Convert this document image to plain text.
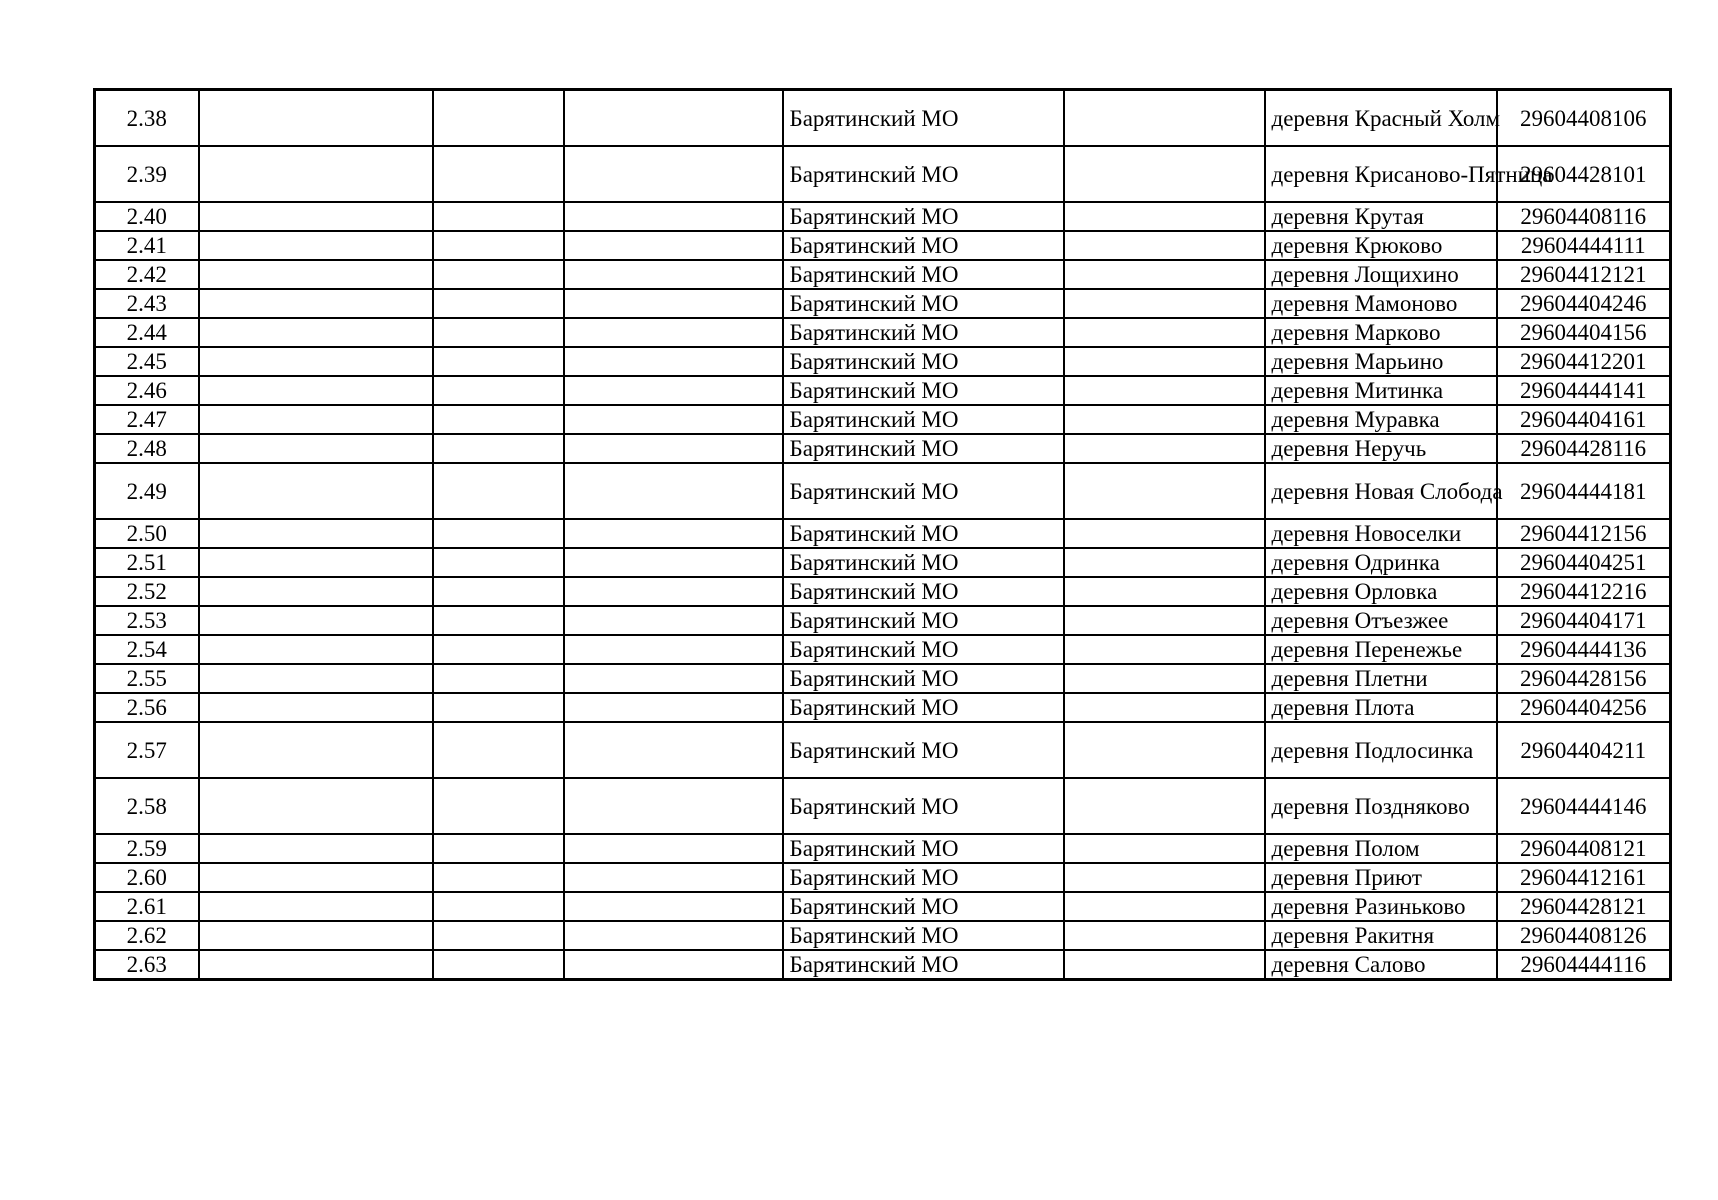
2.38				Барятинский МО		деревня Красный Холм	29604408106
2.39				Барятинский МО		деревня Крисаново-Пятница	29604428101
2.40				Барятинский МО		деревня Крутая	29604408116
2.41				Барятинский МО		деревня Крюково	29604444111
2.42				Барятинский МО		деревня Лощихино	29604412121
2.43				Барятинский МО		деревня Мамоново	29604404246
2.44				Барятинский МО		деревня Марково	29604404156
2.45				Барятинский МО		деревня Марьино	29604412201
2.46				Барятинский МО		деревня Митинка	29604444141
2.47				Барятинский МО		деревня Муравка	29604404161
2.48				Барятинский МО		деревня Неручь	29604428116
2.49				Барятинский МО		деревня Новая Слобода	29604444181
2.50				Барятинский МО		деревня Новоселки	29604412156
2.51				Барятинский МО		деревня Одринка	29604404251
2.52				Барятинский МО		деревня Орловка	29604412216
2.53				Барятинский МО		деревня Отъезжее	29604404171
2.54				Барятинский МО		деревня Перенежье	29604444136
2.55				Барятинский МО		деревня Плетни	29604428156
2.56				Барятинский МО		деревня Плота	29604404256
2.57				Барятинский МО		деревня Подлосинка	29604404211
2.58				Барятинский МО		деревня Поздняково	29604444146
2.59				Барятинский МО		деревня Полом	29604408121
2.60				Барятинский МО		деревня Приют	29604412161
2.61				Барятинский МО		деревня Разиньково	29604428121
2.62				Барятинский МО		деревня Ракитня	29604408126
2.63				Барятинский МО		деревня Салово	29604444116
